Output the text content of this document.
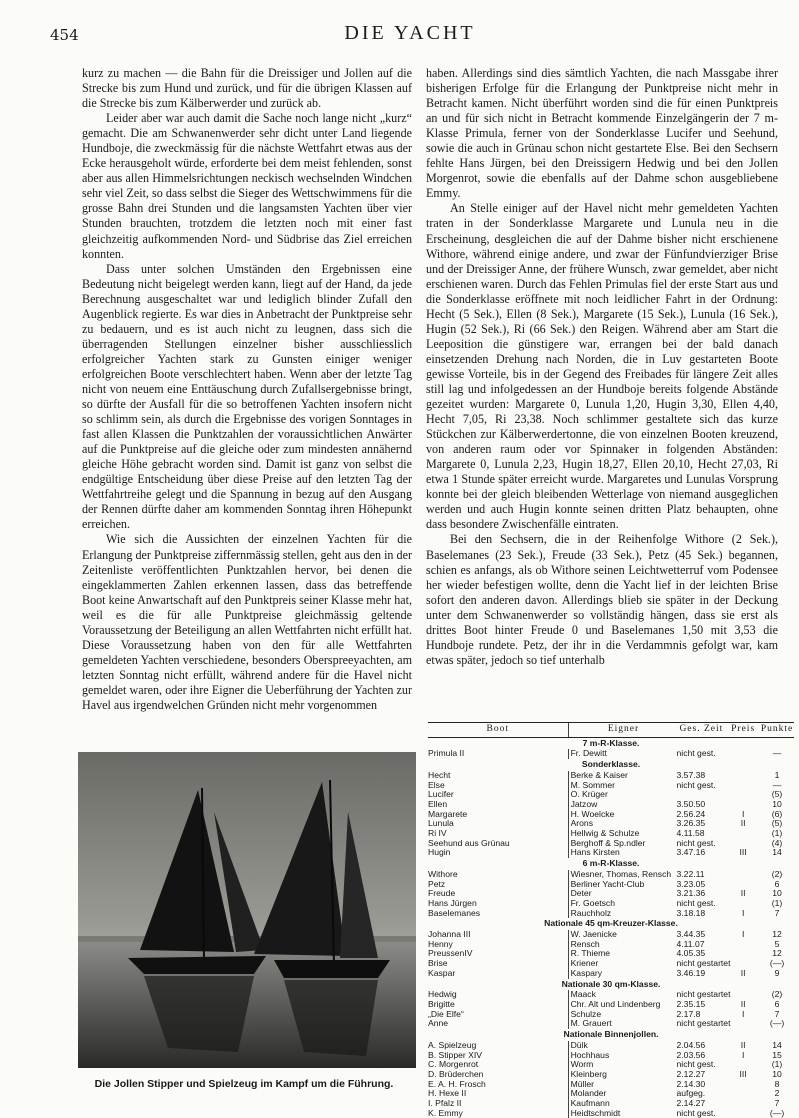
454	DIE YACHT

kurz zu machen — die Bahn für die Dreissiger und Jollen auf die Strecke bis zum Hund und zurück, und für die übrigen Klassen auf die Strecke bis zum Kälberwerder und zurück ab.

Leider aber war auch damit die Sache noch lange nicht „kurz“ gemacht. Die am Schwanenwerder sehr dicht unter Land liegende Hundboje, die zweckmässig für die nächste Wettfahrt etwas aus der Ecke herausgeholt würde, erforderte bei dem meist fehlenden, sonst aber aus allen Himmelsrichtungen neckisch wechselnden Windchen sehr viel Zeit, so dass selbst die Sieger des Wettschwimmens für die grosse Bahn drei Stunden und die langsamsten Yachten über vier Stunden brauchten, trotzdem die letzten noch mit einer fast gleichzeitig aufkommenden Nord- und Südbrise das Ziel erreichen konnten.

Dass unter solchen Umständen den Ergebnissen eine Bedeutung nicht beigelegt werden kann, liegt auf der Hand, da jede Berechnung ausgeschaltet war und lediglich blinder Zufall den Augenblick regierte. Es war dies in Anbetracht der Punktpreise sehr zu bedauern, und es ist auch nicht zu leugnen, dass sich die überragenden Stellungen einzelner bisher ausschliesslich erfolgreicher Yachten stark zu Gunsten einiger weniger erfolgreichen Boote verschlechtert haben. Wenn aber der letzte Tag nicht von neuem eine Enttäuschung durch Zufallsergebnisse bringt, so dürfte der Ausfall für die so betroffenen Yachten insofern nicht so schlimm sein, als durch die Ergebnisse des vorigen Sonntages in fast allen Klassen die Punktzahlen der voraussichtlichen Anwärter auf die Punktpreise auf die gleiche oder zum mindesten annähernd gleiche Höhe gebracht worden sind. Damit ist ganz von selbst die endgültige Entscheidung über diese Preise auf den letzten Tag der Wettfahrtreihe gelegt und die Spannung in bezug auf den Ausgang der Rennen dürfte daher am kommenden Sonntag ihren Höhepunkt erreichen.

Wie sich die Aussichten der einzelnen Yachten für die Erlangung der Punktpreise ziffernmässig stellen, geht aus den in der Zeitenliste veröffentlichten Punktzahlen hervor, bei denen die eingeklammerten Zahlen erkennen lassen, dass das betreffende Boot keine Anwartschaft auf den Punktpreis seiner Klasse mehr hat, weil es die für alle Punktpreise gleichmässig geltende Voraussetzung der Beteiligung an allen Wettfahrten nicht erfüllt hat. Diese Voraussetzung haben von den für alle Wettfahrten gemeldeten Yachten verschiedene, besonders Oberspreeyachten, am letzten Sonntag nicht erfüllt, während andere für die Havel nicht gemeldet waren, oder ihre Eigner die Ueberführung der Yachten zur Havel aus irgendwelchen Gründen nicht mehr vorgenommen

haben. Allerdings sind dies sämtlich Yachten, die nach Massgabe ihrer bisherigen Erfolge für die Erlangung der Punktpreise nicht mehr in Betracht kamen. Nicht überführt worden sind die für einen Punktpreis an und für sich nicht in Betracht kommende Einzelgängerin der 7 m-Klasse Primula, ferner von der Sonderklasse Lucifer und Seehund, sowie die auch in Grünau schon nicht gestartete Else. Bei den Sechsern fehlte Hans Jürgen, bei den Dreissigern Hedwig und bei den Jollen Morgenrot, sowie die ebenfalls auf der Dahme schon ausgebliebene Emmy.

An Stelle einiger auf der Havel nicht mehr gemeldeten Yachten traten in der Sonderklasse Margarete und Lunula neu in die Erscheinung, desgleichen die auf der Dahme bisher nicht erschienene Withore, während einige andere, und zwar der Fünfundvierziger Brise und der Dreissiger Anne, der frühere Wunsch, zwar gemeldet, aber nicht erschienen waren. Durch das Fehlen Primulas fiel der erste Start aus und die Sonderklasse eröffnete mit noch leidlicher Fahrt in der Ordnung: Hecht (5 Sek.), Ellen (8 Sek.), Margarete (15 Sek.), Lunula (16 Sek.), Hugin (52 Sek.), Ri (66 Sek.) den Reigen. Während aber am Start die Leeposition die günstigere war, errangen bei der bald danach einsetzenden Drehung nach Norden, die in Luv gestarteten Boote gewisse Vorteile, bis in der Gegend des Freibades für längere Zeit alles still lag und infolgedessen an der Hundboje bereits folgende Abstände gezeitet wurden: Margarete 0, Lunula 1,20, Hugin 3,30, Ellen 4,40, Hecht 7,05, Ri 23,38. Noch schlimmer gestaltete sich das kurze Stückchen zur Kälberwerdertonne, die von einzelnen Booten kreuzend, von anderen raum oder vor Spinnaker in folgenden Abständen: Margarete 0, Lunula 2,23, Hugin 18,27, Ellen 20,10, Hecht 27,03, Ri etwa 1 Stunde später erreicht wurde. Margaretes und Lunulas Vorsprung konnte bei der gleich bleibenden Wetterlage von niemand ausgeglichen werden und auch Hugin konnte seinen dritten Platz behaupten, ohne dass besondere Zwischenfälle eintraten.

Bei den Sechsern, die in der Reihenfolge Withore (2 Sek.), Baselemanes (23 Sek.), Freude (33 Sek.), Petz (45 Sek.) begannen, schien es anfangs, als ob Withore seinen Leichtwetterruf vom Podensee her wieder befestigen wollte, denn die Yacht lief in der leichten Brise sofort den anderen davon. Allerdings blieb sie später in der Deckung unter dem Schwanenwerder so vollständig hängen, dass sie erst als drittes Boot hinter Freude 0 und Baselemanes 1,50 mit 3,53 die Hundboje rundete. Petz, der ihr in die Verdammnis gefolgt war, kam etwas später, jedoch so tief unterhalb

Die Jollen Stipper und Spielzeug im Kampf um die Führung.
Boot	Eigner	Ges. Zeit	Preis	Punkte
7 m-R-Klasse.				
Primula II	Fr. Dewitt	nicht gest.		—
Sonderklasse.				
Hecht	Berke & Kaiser	3.57.38		1
Else	M. Sommer	nicht gest.		—
Lucifer	O. Krüger			(5)
Ellen	Jatzow	3.50.50		10
Margarete	H. Woelcke	2.56.24	I	(6)
Lunula	Arons	3.26.35	II	(5)
Ri IV	Hellwig & Schulze	4.11.58		(1)
Seehund aus Grünau	Berghoff & Sp.ndler	nicht gest.		(4)
Hugin	Hans Kirsten	3.47.16	III	14
6 m-R-Klasse.				
Withore	Wiesner, Thomas, Rensch	3.22.11		(2)
Petz	Berliner Yacht-Club	3.23.05		6
Freude	Deter	3.21.36	II	10
Hans Jürgen	Fr. Goetsch	nicht gest.		(1)
Baselemanes	Rauchholz	3.18.18	I	7
Nationale 45 qm-Kreuzer-Klasse.				
Johanna III	W. Jaenicke	3.44.35	I	12
Henny	Rensch	4.11.07		5
PreussenIV	R. Thieme	4.05.35		12
Brise	Kriener	nicht gestartet		(—)
Kaspar	Kaspary	3.46.19	II	9
Nationale 30 qm-Klasse.				
Hedwig	Maack	nicht gestartet		(2)
Brigitte	Chr. Alt und Lindenberg	2.35.15	II	6
„Die Elfe“	Schulze	2.17.8	I	7
Anne	M. Grauert	nicht gestartet		(—)
Nationale Binnenjollen.				
A. Spielzeug	Dülk	2.04.56	II	14
B. Stipper XIV	Hochhaus	2.03.56	I	15
C. Morgenrot	Worm	nicht gest.		(1)
D. Brüderchen	Kleinberg	2.12.27	III	10
E. A. H. Frosch	Müller	2.14.30		8
H. Hexe II	Molander	aufgeg.		2
I. Pfalz II	Kaufmann	2.14.27		7
K. Emmy	Heidtschmidt	nicht gest.		(—)
